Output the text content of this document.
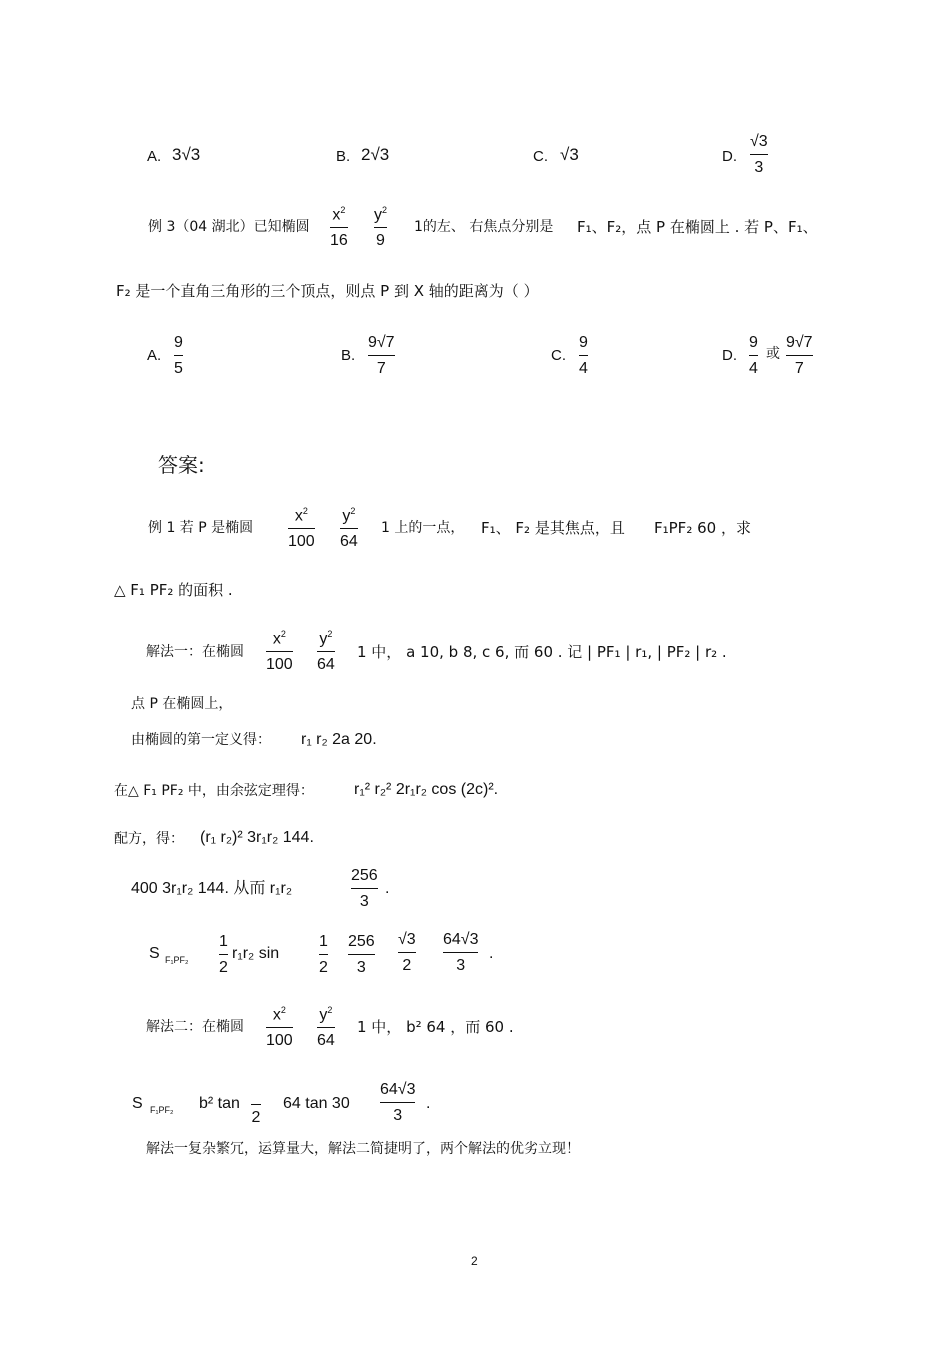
A. 3√3	B. 2√3	C. √3	D.
√3
3
例 3（04 湖北）已知椭圆
$x^2$
16
$y^2$
9
1的左、 右焦点分别是 F₁、F₂，点 P 在椭圆上 . 若 P、F₁、
F₂ 是一个直角三角形的三个顶点，则点 P 到 X 轴的距离为（ ）
A.
9
5
B.
9√7
7
C.
9
4
D.
9
4
或
9√7
7
答案:
例 1 若 P 是椭圆
$x^2$
100
$y^2$
64
1 上的一点， F₁、 F₂ 是其焦点，且 F₁PF₂ 60 ，求
△ F₁ PF₂ 的面积 .
解法一：在椭圆
$x^2$
100
$y^2$
64
1 中， a 10, b 8, c 6, 而 60 . 记 | PF₁ | r₁, | PF₂ | r₂ .
点 P 在椭圆上，
由椭圆的第一定义得： r₁ r₂ 2a 20.
在△ F₁ PF₂ 中，由余弦定理得：	r₁² r₂² 2r₁r₂ cos (2c)².
配方，得： (r₁ r₂)² 3r₁r₂ 144.
400 3r₁r₂ 144. 从而 r₁r₂
256
3
.
S F₁PF₂
1
2
r₁r₂ sin
1
2
256
3
√3
2
64√3
3
.
解法二：在椭圆
$x^2$
100
$y^2$
64
1 中， b² 64 ，而 60 .
S F₁PF₂ b² tan
2
64 tan 30
64√3
3
.
解法一复杂繁冗，运算量大，解法二简捷明了，两个解法的优劣立现！
2
